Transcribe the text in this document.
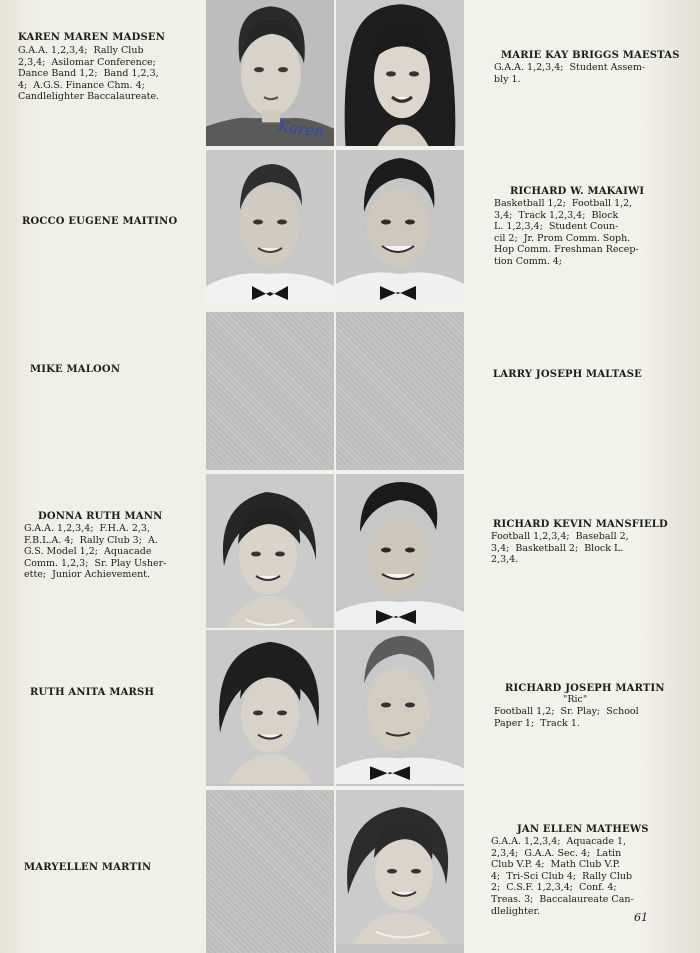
KAREN MAREN MADSEN
G.A.A. 1,2,3,4;  Rally Club
2,3,4;  Asilomar Conference;
Dance Band 1,2;  Band 1,2,3,
4;  A.G.S. Finance Chm. 4;
Candlelighter Baccalaureate.
Karen
MARIE KAY BRIGGS MAESTAS
G.A.A. 1,2,3,4;  Student Assem-
bly 1.
ROCCO EUGENE MAITINO
RICHARD W. MAKAIWI
Basketball 1,2;  Football 1,2,
3,4;  Track 1,2,3,4;  Block
L. 1,2,3,4;  Student Coun-
cil 2;  Jr. Prom Comm. Soph.
Hop Comm. Freshman Recep-
tion Comm. 4;
MIKE MALOON	LARRY JOSEPH MALTASE
DONNA RUTH MANN
G.A.A. 1,2,3,4;  F.H.A. 2,3,
F.B.L.A. 4;  Rally Club 3;  A.
G.S. Model 1,2;  Aquacade
Comm. 1,2,3;  Sr. Play Usher-
ette;  Junior Achievement.
RICHARD KEVIN MANSFIELD
Football 1,2,3,4;  Baseball 2,
3,4;  Basketball 2;  Block L.
2,3,4.
RUTH ANITA MARSH	RICHARD JOSEPH MARTIN
"Ric"
Football 1,2;  Sr. Play;  School
Paper 1;  Track 1.
MARYELLEN MARTIN
JAN ELLEN MATHEWS
G.A.A. 1,2,3,4;  Aquacade 1,
2,3,4;  G.A.A. Sec. 4;  Latin
Club V.P. 4;  Math Club V.P.
4;  Tri-Sci Club 4;  Rally Club
2;  C.S.F. 1,2,3,4;  Conf. 4;
Treas. 3;  Baccalaureate Can-
dlelighter.	61
